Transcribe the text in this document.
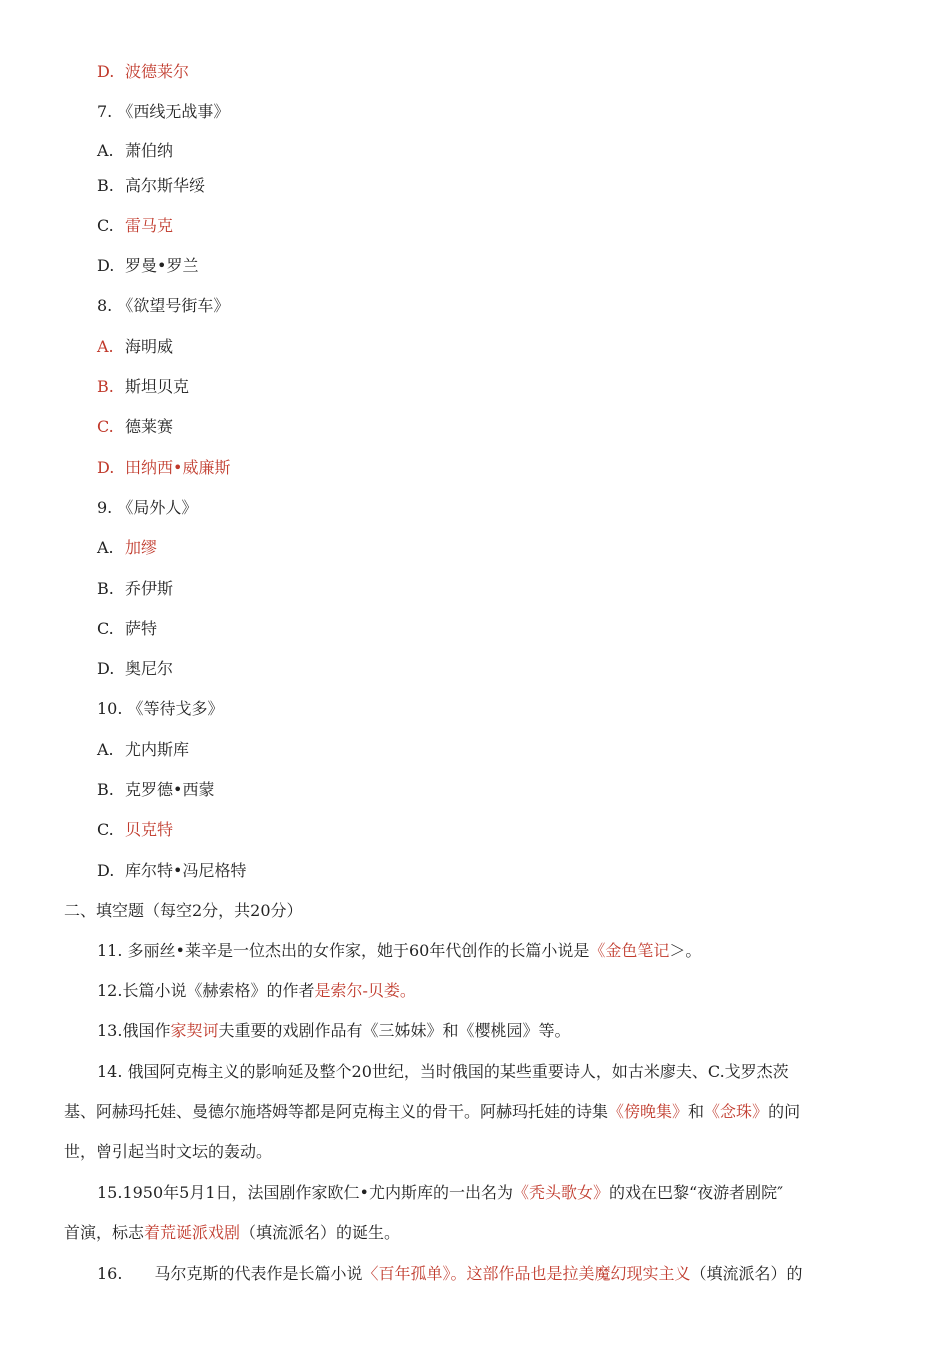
D. 波德莱尔
7. 《西线无战事》
A. 萧伯纳
B. 高尔斯华绥
C. 雷马克
D. 罗曼•罗兰
8. 《欲望号街车》
A. 海明威
B. 斯坦贝克
C. 德莱赛
D. 田纳西•威廉斯
9. 《局外人》
A. 加缪
B. 乔伊斯
C. 萨特
D. 奥尼尔
10. 《等待戈多》
A. 尤内斯库
B. 克罗德•西蒙
C. 贝克特
D. 库尔特•冯尼格特
二、填空题（每空2分，共20分）
11. 多丽丝•莱辛是一位杰出的女作家，她于60年代创作的长篇小说是《金色笔记＞。
12.长篇小说《赫索格》的作者是索尔-贝娄。
13.俄国作家契诃夫重要的戏剧作品有《三姊妹》和《樱桃园》等。
14. 俄国阿克梅主义的影响延及整个20世纪，当时俄国的某些重要诗人，如古米廖夫、C.戈罗杰茨
基、阿赫玛托娃、曼德尔施塔姆等都是阿克梅主义的骨干。阿赫玛托娃的诗集《傍晚集》和《念珠》的问
世，曾引起当时文坛的轰动。
15.1950年5月1日，法国剧作家欧仁•尤内斯库的一出名为《秃头歌女》的戏在巴黎“夜游者剧院″
首演，标志着荒诞派戏剧（填流派名）的诞生。
16.　　马尔克斯的代表作是长篇小说〈百年孤单》。这部作品也是拉美魔幻现实主义（填流派名）的
